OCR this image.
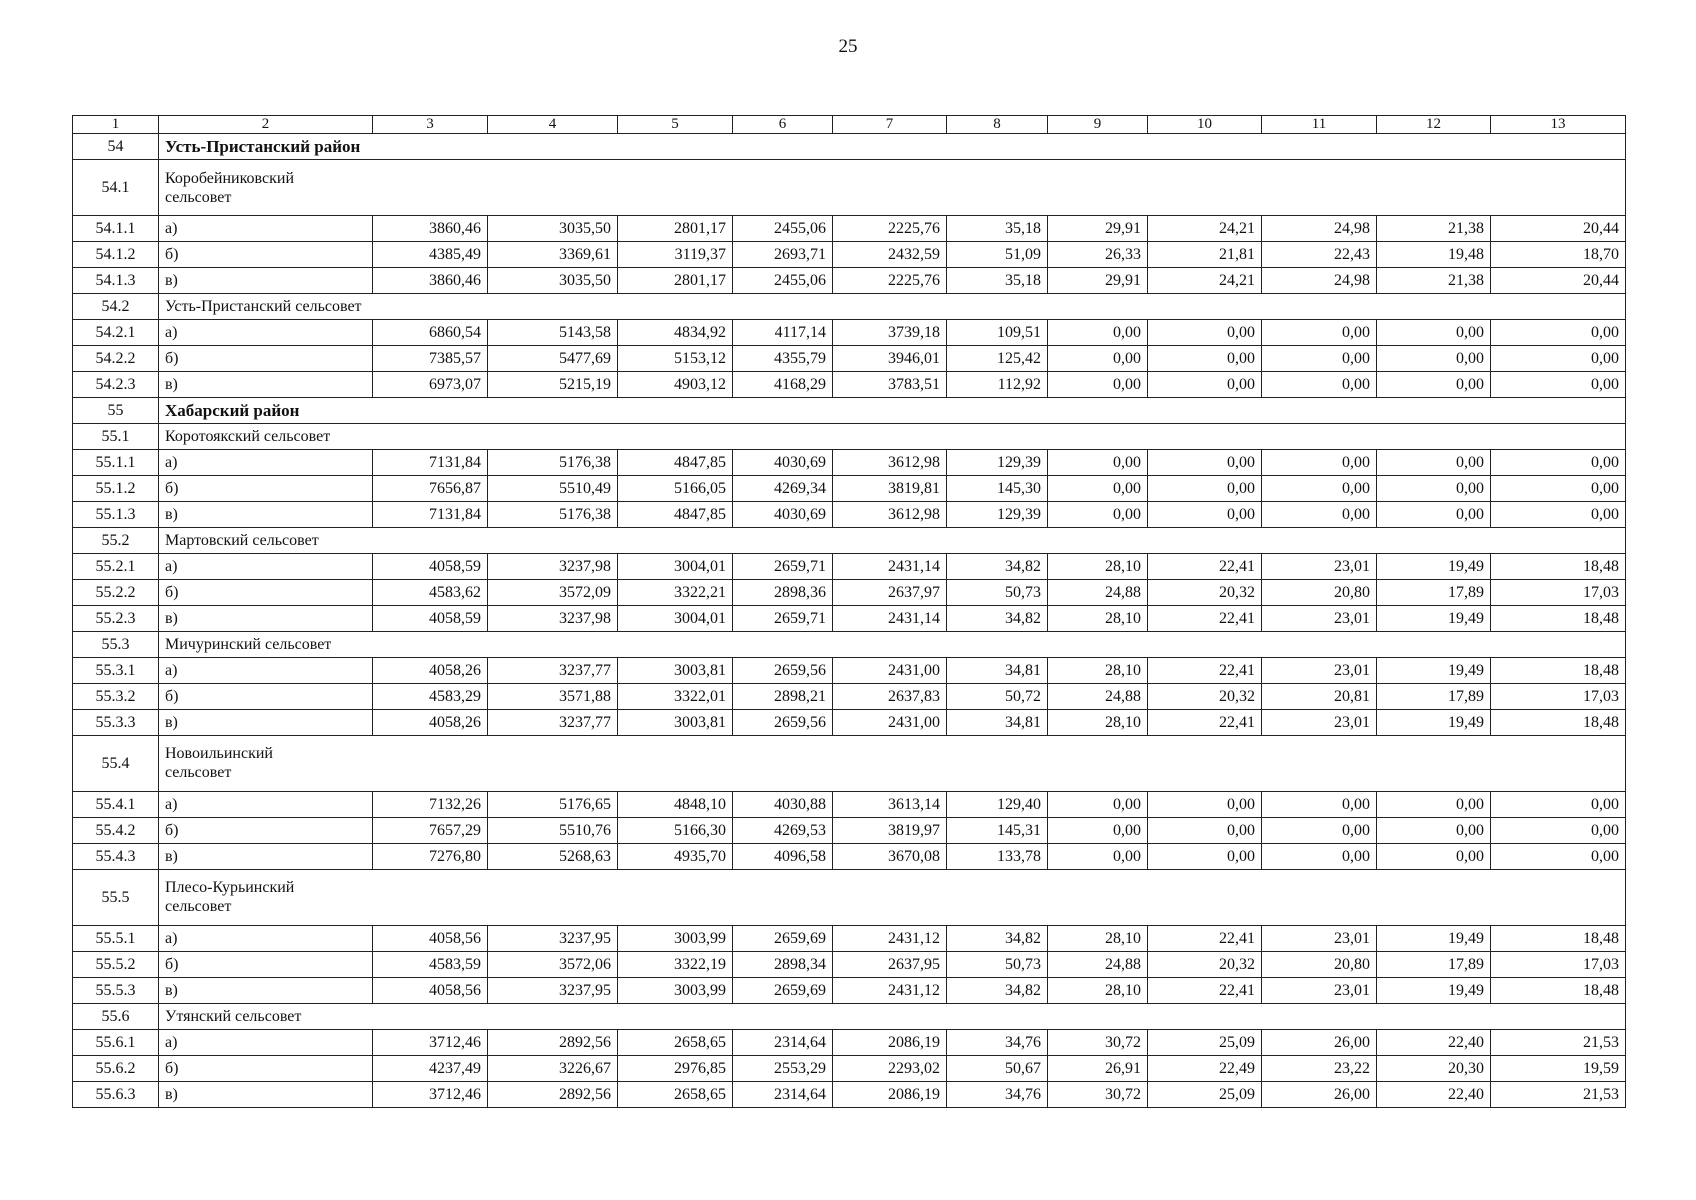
25
1	2	3	4	5	6	7	8	9	10	11	12	13
54	Усть-Пристанский район											
54.1	Коробейниковский сельсовет											

54.1.1	а)	3860,46	3035,50	2801,17	2455,06	2225,76	35,18	29,91	24,21	24,98	21,38	20,44
54.1.2	б)	4385,49	3369,61	3119,37	2693,71	2432,59	51,09	26,33	21,81	22,43	19,48	18,70
54.1.3	в)	3860,46	3035,50	2801,17	2455,06	2225,76	35,18	29,91	24,21	24,98	21,38	20,44
54.2	Усть-Пристанский сельсовет											
54.2.1	а)	6860,54	5143,58	4834,92	4117,14	3739,18	109,51	0,00	0,00	0,00	0,00	0,00
54.2.2	б)	7385,57	5477,69	5153,12	4355,79	3946,01	125,42	0,00	0,00	0,00	0,00	0,00
54.2.3	в)	6973,07	5215,19	4903,12	4168,29	3783,51	112,92	0,00	0,00	0,00	0,00	0,00
55	Хабарский район											
55.1	Коротоякский сельсовет											
55.1.1	а)	7131,84	5176,38	4847,85	4030,69	3612,98	129,39	0,00	0,00	0,00	0,00	0,00
55.1.2	б)	7656,87	5510,49	5166,05	4269,34	3819,81	145,30	0,00	0,00	0,00	0,00	0,00
55.1.3	в)	7131,84	5176,38	4847,85	4030,69	3612,98	129,39	0,00	0,00	0,00	0,00	0,00
55.2	Мартовский сельсовет											
55.2.1	а)	4058,59	3237,98	3004,01	2659,71	2431,14	34,82	28,10	22,41	23,01	19,49	18,48
55.2.2	б)	4583,62	3572,09	3322,21	2898,36	2637,97	50,73	24,88	20,32	20,80	17,89	17,03
55.2.3	в)	4058,59	3237,98	3004,01	2659,71	2431,14	34,82	28,10	22,41	23,01	19,49	18,48
55.3	Мичуринский сельсовет											
55.3.1	а)	4058,26	3237,77	3003,81	2659,56	2431,00	34,81	28,10	22,41	23,01	19,49	18,48
55.3.2	б)	4583,29	3571,88	3322,01	2898,21	2637,83	50,72	24,88	20,32	20,81	17,89	17,03
55.3.3	в)	4058,26	3237,77	3003,81	2659,56	2431,00	34,81	28,10	22,41	23,01	19,49	18,48
55.4	Новоильинский сельсовет											

55.4.1	а)	7132,26	5176,65	4848,10	4030,88	3613,14	129,40	0,00	0,00	0,00	0,00	0,00
55.4.2	б)	7657,29	5510,76	5166,30	4269,53	3819,97	145,31	0,00	0,00	0,00	0,00	0,00
55.4.3	в)	7276,80	5268,63	4935,70	4096,58	3670,08	133,78	0,00	0,00	0,00	0,00	0,00
55.5	Плесо-Курьинский сельсовет											

55.5.1	а)	4058,56	3237,95	3003,99	2659,69	2431,12	34,82	28,10	22,41	23,01	19,49	18,48
55.5.2	б)	4583,59	3572,06	3322,19	2898,34	2637,95	50,73	24,88	20,32	20,80	17,89	17,03
55.5.3	в)	4058,56	3237,95	3003,99	2659,69	2431,12	34,82	28,10	22,41	23,01	19,49	18,48
55.6	Утянский сельсовет											
55.6.1	а)	3712,46	2892,56	2658,65	2314,64	2086,19	34,76	30,72	25,09	26,00	22,40	21,53
55.6.2	б)	4237,49	3226,67	2976,85	2553,29	2293,02	50,67	26,91	22,49	23,22	20,30	19,59
55.6.3	в)	3712,46	2892,56	2658,65	2314,64	2086,19	34,76	30,72	25,09	26,00	22,40	21,53
